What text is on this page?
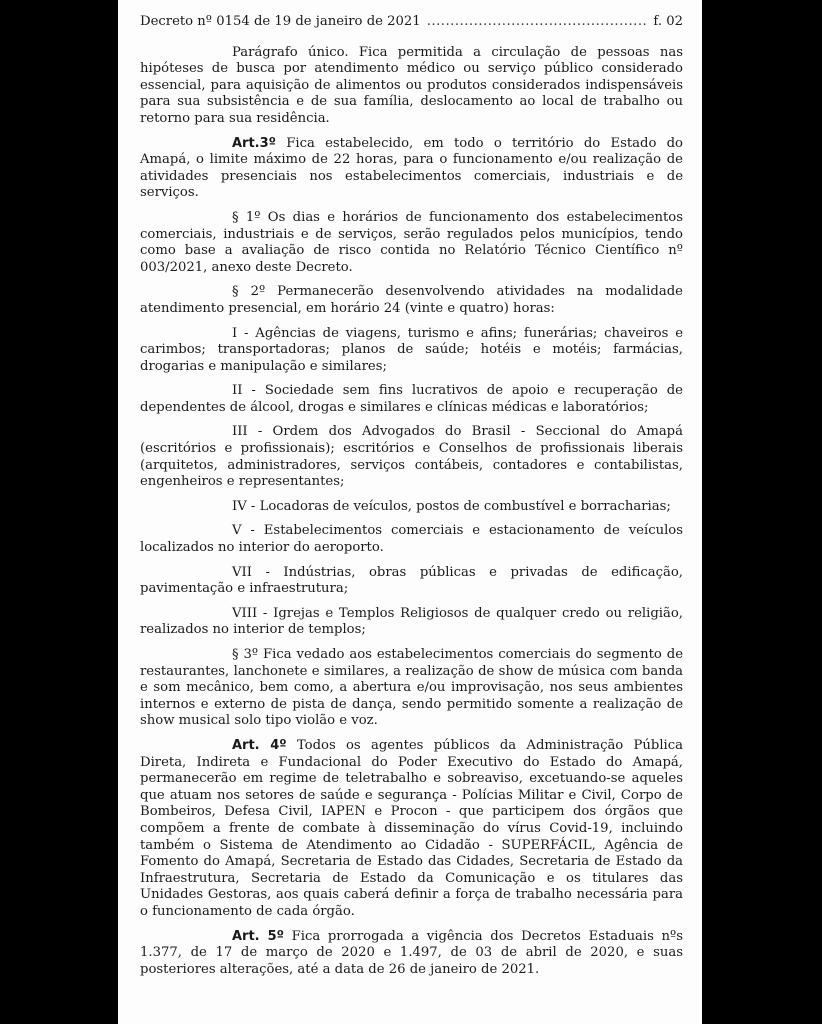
Decreto nº 0154 de 19 de janeiro de 2021
.....	f. 02

Parágrafo único. Fica permitida a circulação de pessoas nas hipóteses de busca por atendimento médico ou serviço público considerado essencial, para aquisição de alimentos ou produtos considerados indispensáveis para sua subsistência e de sua família, deslocamento ao local de trabalho ou retorno para sua residência.

Art.3º Fica estabelecido, em todo o território do Estado do Amapá, o limite máximo de 22 horas, para o funcionamento e/ou realização de atividades presenciais nos estabelecimentos comerciais, industriais e de serviços.

§ 1º Os dias e horários de funcionamento dos estabelecimentos comerciais, industriais e de serviços, serão regulados pelos municípios, tendo como base a avaliação de risco contida no Relatório Técnico Científico nº 003/2021, anexo deste Decreto.

§ 2º Permanecerão desenvolvendo atividades na modalidade atendimento presencial, em horário 24 (vinte e quatro) horas:

I - Agências de viagens, turismo e afins; funerárias; chaveiros e carimbos; transportadoras; planos de saúde; hotéis e motéis; farmácias, drogarias e manipulação e similares;

II - Sociedade sem fins lucrativos de apoio e recuperação de dependentes de álcool, drogas e similares e clínicas médicas e laboratórios;

III - Ordem dos Advogados do Brasil - Seccional do Amapá (escritórios e profissionais); escritórios e Conselhos de profissionais liberais (arquitetos, administradores, serviços contábeis, contadores e contabilistas, engenheiros e representantes;

IV - Locadoras de veículos, postos de combustível e borracharias;

V - Estabelecimentos comerciais e estacionamento de veículos localizados no interior do aeroporto.

VII - Indústrias, obras públicas e privadas de edificação, pavimentação e infraestrutura;

VIII - Igrejas e Templos Religiosos de qualquer credo ou religião, realizados no interior de templos;

§ 3º Fica vedado aos estabelecimentos comerciais do segmento de restaurantes, lanchonete e similares, a realização de show de música com banda e som mecânico, bem como, a abertura e/ou improvisação, nos seus ambientes internos e externo de pista de dança, sendo permitido somente a realização de show musical solo tipo violão e voz.

Art. 4º Todos os agentes públicos da Administração Pública Direta, Indireta e Fundacional do Poder Executivo do Estado do Amapá, permanecerão em regime de teletrabalho e sobreaviso, excetuando-se aqueles que atuam nos setores de saúde e segurança - Polícias Militar e Civil, Corpo de Bombeiros, Defesa Civil, IAPEN e Procon - que participem dos órgãos que compõem a frente de combate à disseminação do vírus Covid-19, incluindo também o Sistema de Atendimento ao Cidadão - SUPERFÁCIL, Agência de Fomento do Amapá, Secretaria de Estado das Cidades, Secretaria de Estado da Infraestrutura, Secretaria de Estado da Comunicação e os titulares das Unidades Gestoras, aos quais caberá definir a força de trabalho necessária para o funcionamento de cada órgão.

Art. 5º Fica prorrogada a vigência dos Decretos Estaduais nºs 1.377, de 17 de março de 2020 e 1.497, de 03 de abril de 2020, e suas posteriores alterações, até a data de 26 de janeiro de 2021.
